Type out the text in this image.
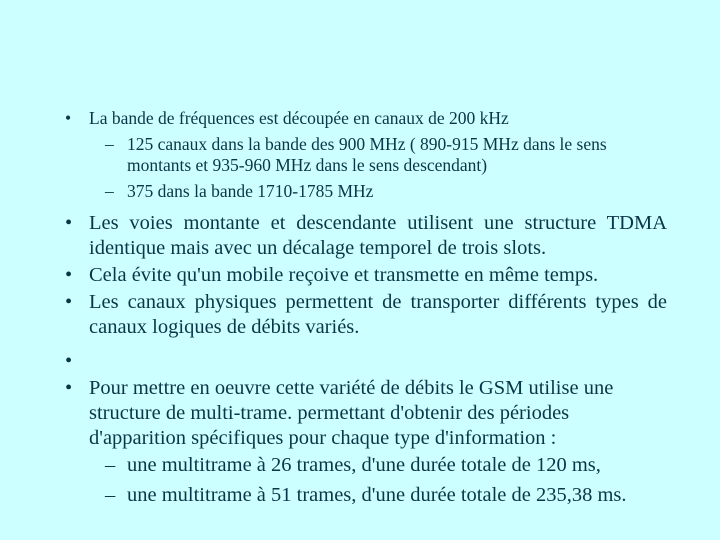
•	La bande de fréquences est découpée en canaux de 200 kHz
– 125 canaux dans la bande des 900 MHz ( 890-915 MHz dans le sens montants et 935-960 MHz dans le sens descendant)
– 375 dans la bande 1710-1785 MHz
• Les voies montante et descendante utilisent une structure TDMA identique mais avec un décalage temporel de trois slots.
• Cela évite qu'un mobile reçoive et transmette en même temps.
• Les canaux physiques permettent de transporter différents types de canaux logiques de débits variés.
•
• Pour mettre en oeuvre cette variété de débits le GSM utilise une structure de multi-trame. permettant d'obtenir des périodes d'apparition spécifiques pour chaque type d'information :
– une multitrame à 26 trames, d'une durée totale de 120 ms,
– une multitrame à 51 trames, d'une durée totale de 235,38 ms.
